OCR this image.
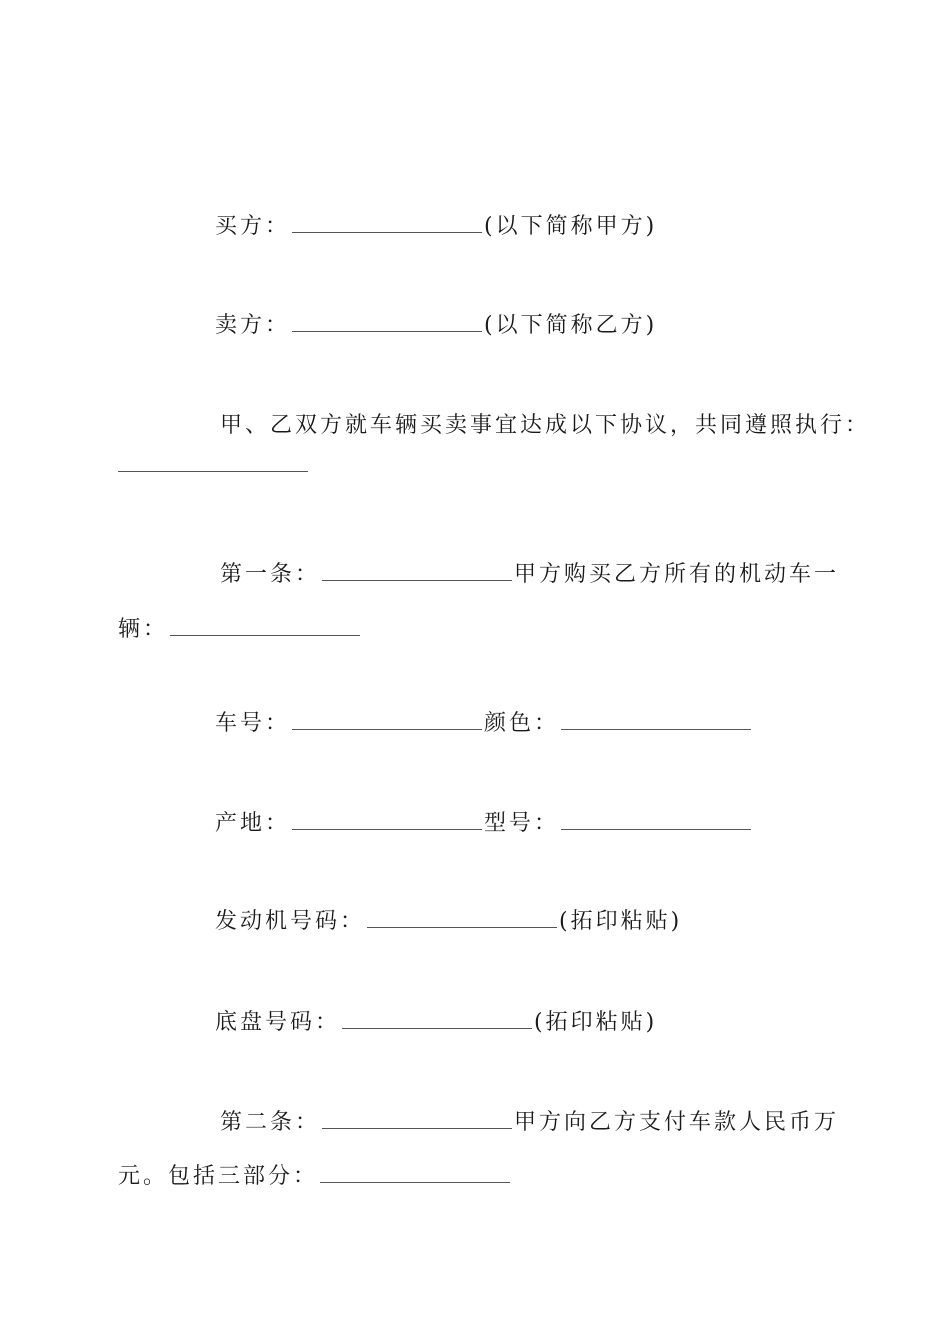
买方：	(以下简称甲方)
卖方：	(以下简称乙方)
甲、乙双方就车辆买卖事宜达成以下协议，共同遵照执行：
第一条：	甲方购买乙方所有的机动车一
辆：
车号：	颜色：
产地：	型号：
发动机号码：	(拓印粘贴)
底盘号码：	(拓印粘贴)
第二条：	甲方向乙方支付车款人民币万
元。包括三部分：
